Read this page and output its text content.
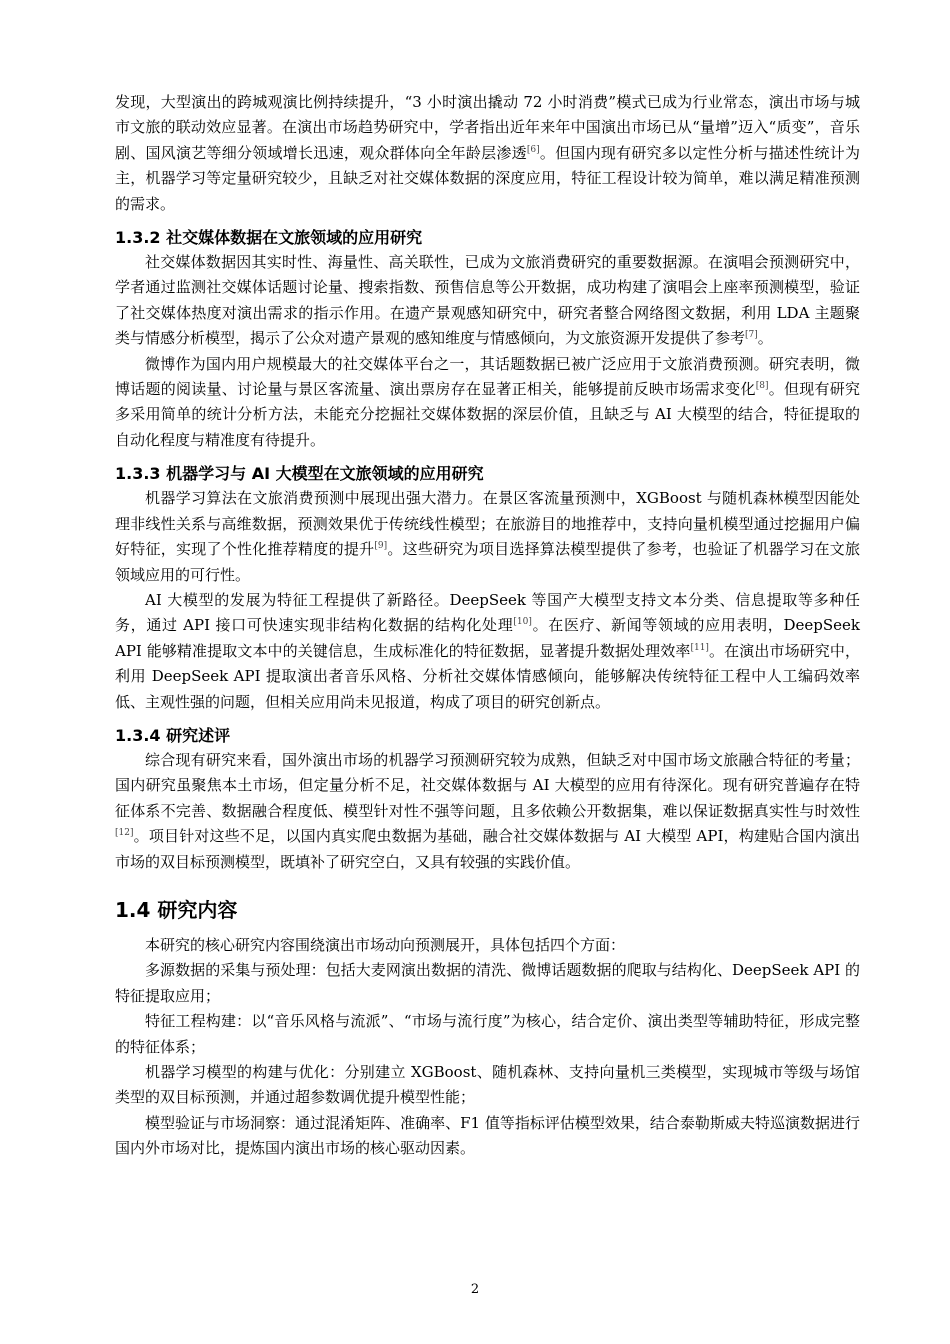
发现，大型演出的跨城观演比例持续提升，“3 小时演出撬动 72 小时消费”模式已成为行业常态，演出市场与城市文旅的联动效应显著。在演出市场趋势研究中，学者指出近年来年中国演出市场已从“量增”迈入“质变”，音乐剧、国风演艺等细分领域增长迅速，观众群体向全年龄层渗透[6]。但国内现有研究多以定性分析与描述性统计为主，机器学习等定量研究较少，且缺乏对社交媒体数据的深度应用，特征工程设计较为简单，难以满足精准预测的需求。

1.3.2 社交媒体数据在文旅领域的应用研究

社交媒体数据因其实时性、海量性、高关联性，已成为文旅消费研究的重要数据源。在演唱会预测研究中，学者通过监测社交媒体话题讨论量、搜索指数、预售信息等公开数据，成功构建了演唱会上座率预测模型，验证了社交媒体热度对演出需求的指示作用。在遗产景观感知研究中，研究者整合网络图文数据，利用 LDA 主题聚类与情感分析模型，揭示了公众对遗产景观的感知维度与情感倾向，为文旅资源开发提供了参考[7]。

微博作为国内用户规模最大的社交媒体平台之一，其话题数据已被广泛应用于文旅消费预测。研究表明，微博话题的阅读量、讨论量与景区客流量、演出票房存在显著正相关，能够提前反映市场需求变化[8]。但现有研究多采用简单的统计分析方法，未能充分挖掘社交媒体数据的深层价值，且缺乏与 AI 大模型的结合，特征提取的自动化程度与精准度有待提升。

1.3.3 机器学习与 AI 大模型在文旅领域的应用研究

机器学习算法在文旅消费预测中展现出强大潜力。在景区客流量预测中，XGBoost 与随机森林模型因能处理非线性关系与高维数据，预测效果优于传统线性模型；在旅游目的地推荐中，支持向量机模型通过挖掘用户偏好特征，实现了个性化推荐精度的提升[9]。这些研究为项目选择算法模型提供了参考，也验证了机器学习在文旅领域应用的可行性。

AI 大模型的发展为特征工程提供了新路径。DeepSeek 等国产大模型支持文本分类、信息提取等多种任务，通过 API 接口可快速实现非结构化数据的结构化处理[10]。在医疗、新闻等领域的应用表明，DeepSeek API 能够精准提取文本中的关键信息，生成标准化的特征数据，显著提升数据处理效率[11]。在演出市场研究中，利用 DeepSeek API 提取演出者音乐风格、分析社交媒体情感倾向，能够解决传统特征工程中人工编码效率低、主观性强的问题，但相关应用尚未见报道，构成了项目的研究创新点。

1.3.4 研究述评

综合现有研究来看，国外演出市场的机器学习预测研究较为成熟，但缺乏对中国市场文旅融合特征的考量；国内研究虽聚焦本土市场，但定量分析不足，社交媒体数据与 AI 大模型的应用有待深化。现有研究普遍存在特征体系不完善、数据融合程度低、模型针对性不强等问题，且多依赖公开数据集，难以保证数据真实性与时效性[12]。项目针对这些不足，以国内真实爬虫数据为基础，融合社交媒体数据与 AI 大模型 API，构建贴合国内演出市场的双目标预测模型，既填补了研究空白，又具有较强的实践价值。

1.4 研究内容

本研究的核心研究内容围绕演出市场动向预测展开，具体包括四个方面：

多源数据的采集与预处理：包括大麦网演出数据的清洗、微博话题数据的爬取与结构化、DeepSeek API 的特征提取应用；

特征工程构建：以“音乐风格与流派”、“市场与流行度”为核心，结合定价、演出类型等辅助特征，形成完整的特征体系；

机器学习模型的构建与优化：分别建立 XGBoost、随机森林、支持向量机三类模型，实现城市等级与场馆类型的双目标预测，并通过超参数调优提升模型性能；

模型验证与市场洞察：通过混淆矩阵、准确率、F1 值等指标评估模型效果，结合泰勒斯威夫特巡演数据进行国内外市场对比，提炼国内演出市场的核心驱动因素。

2
